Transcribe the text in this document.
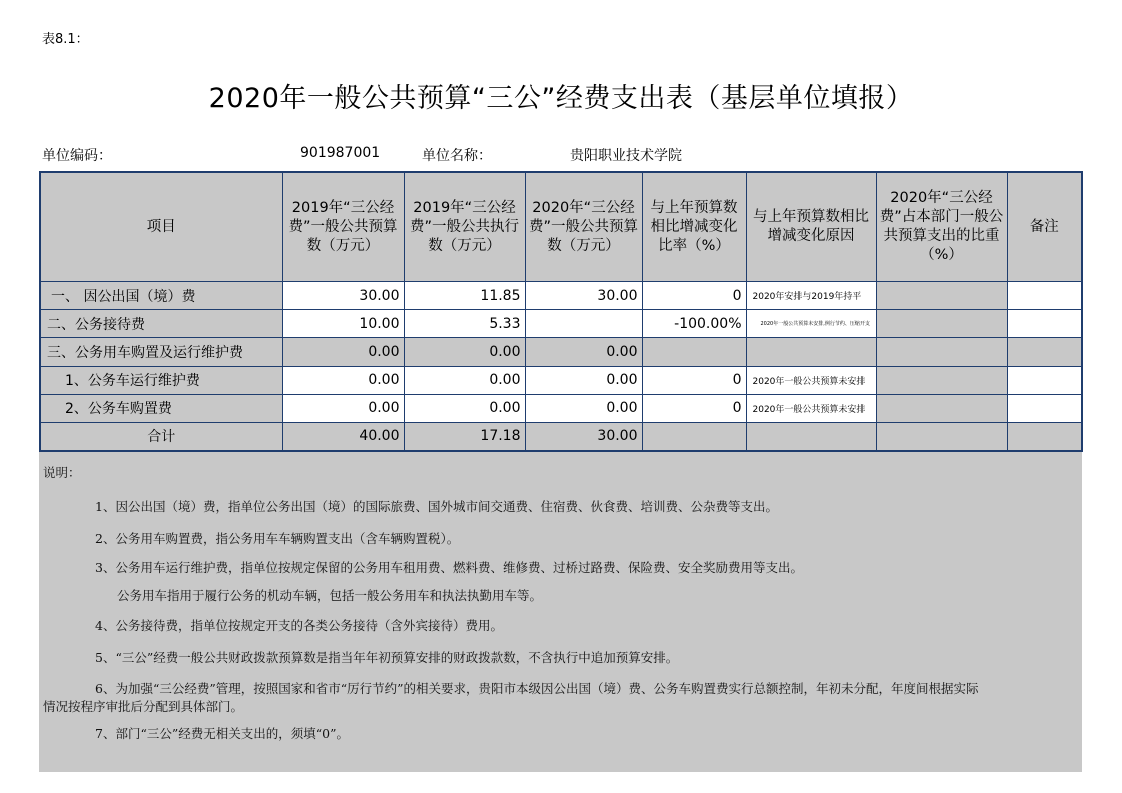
表8.1：
2020年一般公共预算“三公”经费支出表（基层单位填报）
单位编码：	901987001	单位名称：	贵阳职业技术学院
项目	2019年“三公经费”一般公共预算数（万元）	2019年“三公经费”一般公共执行数（万元）	2020年“三公经费”一般公共预算数（万元）	与上年预算数相比增减变化比率（%）	与上年预算数相比增减变化原因	2020年“三公经费”占本部门一般公共预算支出的比重（%）	备注
一、 因公出国（境）费	30.00	11.85	30.00	0	2020年安排与2019年持平		
二、公务接待费	10.00	5.33		-100.00%	2020年一般公共预算未安排,例行节约、压缩开支		
三、公务用车购置及运行维护费	0.00	0.00	0.00				
1、公务车运行维护费	0.00	0.00	0.00	0	2020年一般公共预算未安排		
2、公务车购置费	0.00	0.00	0.00	0	2020年一般公共预算未安排		
合计	40.00	17.18	30.00				
说明：
1、因公出国（境）费，指单位公务出国（境）的国际旅费、国外城市间交通费、住宿费、伙食费、培训费、公杂费等支出。
2、公务用车购置费，指公务用车车辆购置支出（含车辆购置税）。
3、公务用车运行维护费，指单位按规定保留的公务用车租用费、燃料费、维修费、过桥过路费、保险费、安全奖励费用等支出。
公务用车指用于履行公务的机动车辆，包括一般公务用车和执法执勤用车等。
4、公务接待费，指单位按规定开支的各类公务接待（含外宾接待）费用。
5、“三公”经费一般公共财政拨款预算数是指当年年初预算安排的财政拨款数，不含执行中追加预算安排。
6、为加强“三公经费”管理，按照国家和省市“厉行节约”的相关要求，贵阳市本级因公出国（境）费、公务车购置费实行总额控制，年初未分配，年度间根据实际
情况按程序审批后分配到具体部门。
7、部门“三公”经费无相关支出的，须填“0”。
